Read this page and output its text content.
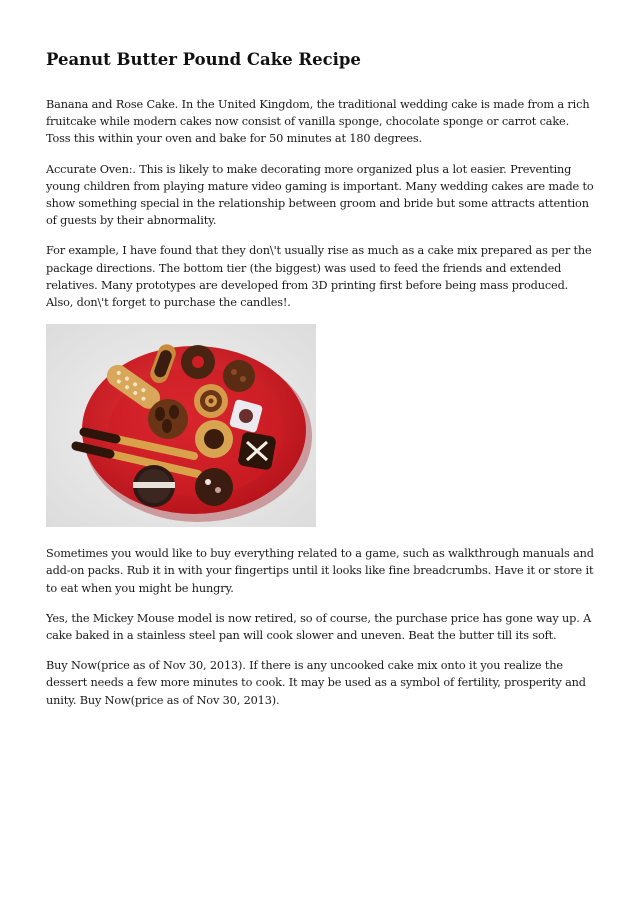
Peanut Butter Pound Cake Recipe

Banana and Rose Cake. In the United Kingdom, the traditional wedding cake is made from a rich fruitcake while modern cakes now consist of vanilla sponge, chocolate sponge or carrot cake. Toss this within your oven and bake for 50 minutes at 180 degrees.

Accurate Oven:. This is likely to make decorating more organized plus a lot easier. Preventing young children from playing mature video gaming is important. Many wedding cakes are made to show something special in the relationship between groom and bride but some attracts attention of guests by their abnormality.

For example, I have found that they don\'t usually rise as much as a cake mix prepared as per the package directions. The bottom tier (the biggest) was used to feed the friends and extended relatives. Many prototypes are developed from 3D printing first before being mass produced. Also, don\'t forget to purchase the candles!.

Sometimes you would like to buy everything related to a game, such as walkthrough manuals and add-on packs. Rub it in with your fingertips until it looks like fine breadcrumbs. Have it or store it to eat when you might be hungry.

Yes, the Mickey Mouse model is now retired, so of course, the purchase price has gone way up. A cake baked in a stainless steel pan will cook slower and uneven. Beat the butter till its soft.

Buy Now(price as of Nov 30, 2013). If there is any uncooked cake mix onto it you realize the dessert needs a few more minutes to cook. It may be used as a symbol of fertility, prosperity and unity. Buy Now(price as of Nov 30, 2013).
